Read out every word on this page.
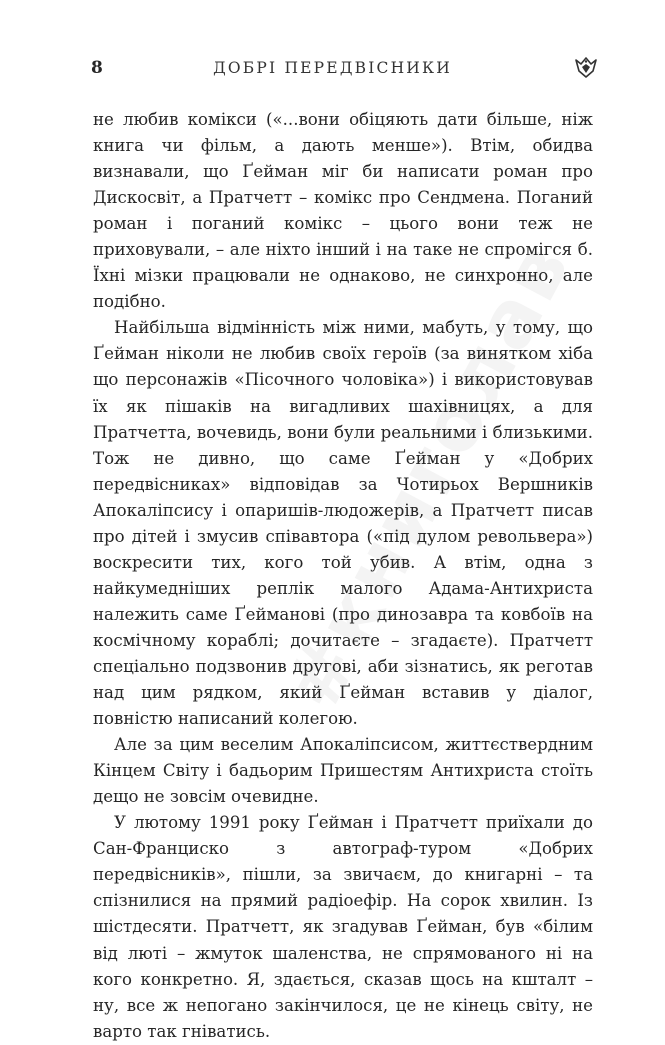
8	ДОБРІ ПЕРЕДВІСНИКИ

не любив комікси («...вони обіцяють дати більше, ніж книга чи фільм, а дають менше»). Втім, обидва визнавали, що Ґейман міг би написати роман про Дискосвіт, а Пратчетт – комікс про Сендмена. Поганий роман і поганий комікс – цього вони теж не приховували, – але ніхто інший і на таке не спромігся б. Їхні мізки працювали не однаково, не синхронно, але подібно.

Найбільша відмінність між ними, мабуть, у тому, що Ґейман ніколи не любив своїх героїв (за винятком хіба що персонажів «Пісочного чоловіка») і використовував їх як пішаків на вигадливих шахівницях, а для Пратчетта, вочевидь, вони були реальними і близькими. Тож не дивно, що саме Ґейман у «Добрих передвісниках» відповідав за Чотирьох Вершників Апокаліпсису і опаришів-людожерів, а Пратчетт писав про дітей і змусив співавтора («під дулом револьвера») воскресити тих, кого той убив. А втім, одна з найкумедніших реплік малого Адама-Антихриста належить саме Ґейманові (про динозавра та ковбоїв на космічному кораблі; дочитаєте – згадаєте). Пратчетт спеціально подзвонив другові, аби зізнатись, як реготав над цим рядком, який Ґейман вставив у діалог, повністю написаний колегою.

Але за цим веселим Апокаліпсисом, життєствердним Кінцем Світу і бадьорим Пришестям Антихриста стоїть дещо не зовсім очевидне.

У лютому 1991 року Ґейман і Пратчетт приїхали до Сан-Франциско з автограф-туром «Добрих передвісників», пішли, за звичаєм, до книгарні – та спізнилися на прямий радіоефір. На сорок хвилин. Із шістдесяти. Пратчетт, як згадував Ґейман, був «білим від люті – жмуток шаленства, не спрямованого ні на кого конкретно. Я, здається, сказав щось на кшталт – ну, все ж непогано закінчилося, це не кінець світу, не варто так гніватись.
